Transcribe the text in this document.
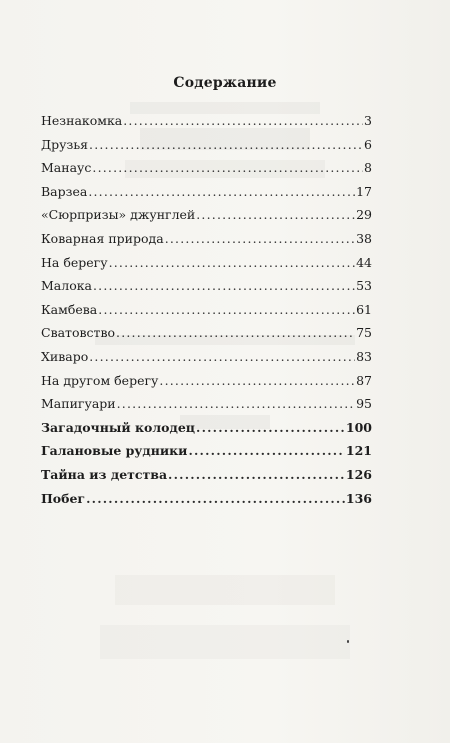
Содержание
Незнакомка .....	3
Друзья .....	6
Манаус .....	8
Варзеа .....	17
«Сюрпризы» джунглей .....	29
Коварная природа .....	38
На берегу .....	44
Малока .....	53
Камбева .....	61
Сватовство .....	75
Хиваро .....	83
На другом берегу .....	87
Мапигуари .....	95
Загадочный колодец .....	100
Галановые рудники .....	121
Тайна из детства .....	126
Побег .....	136
